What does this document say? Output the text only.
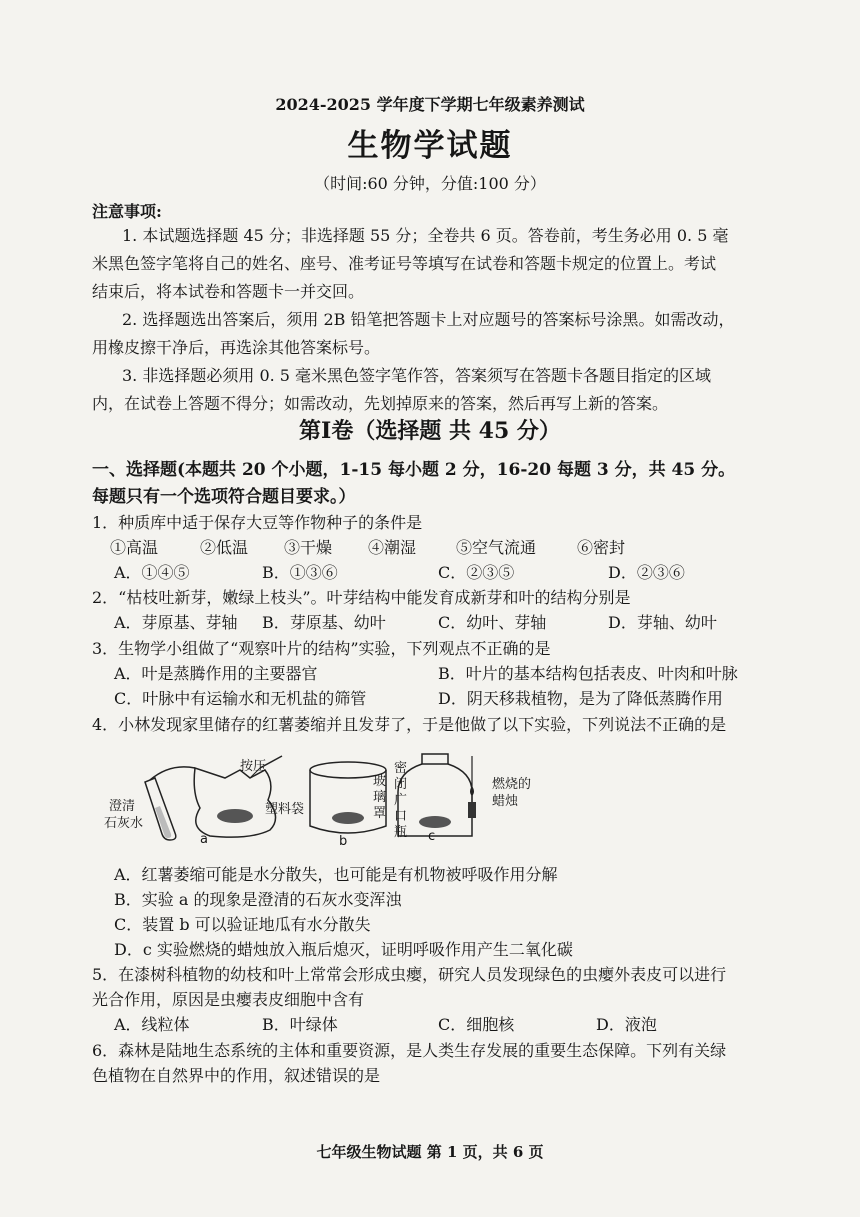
2024-2025 学年度下学期七年级素养测试
生物学试题
（时间:60 分钟，分值:100 分）
注意事项:
1. 本试题选择题 45 分；非选择题 55 分；全卷共 6 页。答卷前，考生务必用 0. 5 毫
米黑色签字笔将自己的姓名、座号、准考证号等填写在试卷和答题卡规定的位置上。考试
结束后，将本试卷和答题卡一并交回。
2. 选择题选出答案后，须用 2B 铅笔把答题卡上对应题号的答案标号涂黑。如需改动，
用橡皮擦干净后，再选涂其他答案标号。
3. 非选择题必须用 0. 5 毫米黑色签字笔作答，答案须写在答题卡各题目指定的区域
内，在试卷上答题不得分；如需改动，先划掉原来的答案，然后再写上新的答案。
第Ⅰ卷（选择题 共 45 分）
一、选择题(本题共 20 个小题，1-15 每小题 2 分，16-20 每题 3 分，共 45 分。
每题只有一个选项符合题目要求。）
1．种质库中适于保存大豆等作物种子的条件是
①高温	②低温 ③干燥 ④潮湿 ⑤空气流通	⑥密封
A．①④⑤	B．①③⑥	C．②③⑤	D．②③⑥
2．“枯枝吐新芽，嫩绿上枝头”。叶芽结构中能发育成新芽和叶的结构分别是
A．芽原基、芽轴 B．芽原基、幼叶	C．幼叶、芽轴	D．芽轴、幼叶
3．生物学小组做了“观察叶片的结构”实验，下列观点不正确的是
A．叶是蒸腾作用的主要器官	B．叶片的基本结构包括表皮、叶肉和叶脉
C．叶脉中有运输水和无机盐的筛管	D．阴天移栽植物，是为了降低蒸腾作用
4．小林发现家里储存的红薯萎缩并且发芽了，于是他做了以下实验，下列说法不正确的是
按压
澄清
石灰水
塑料袋
玻
璃
罩
密
闭
广
口
瓶
燃烧的
蜡烛
a	b	c
A．红薯萎缩可能是水分散失，也可能是有机物被呼吸作用分解
B．实验 a 的现象是澄清的石灰水变浑浊
C．装置 b 可以验证地瓜有水分散失
D．c 实验燃烧的蜡烛放入瓶后熄灭，证明呼吸作用产生二氧化碳
5．在漆树科植物的幼枝和叶上常常会形成虫瘿，研究人员发现绿色的虫瘿外表皮可以进行
光合作用，原因是虫瘿表皮细胞中含有
A．线粒体	B．叶绿体	C．细胞核	D．液泡
6．森林是陆地生态系统的主体和重要资源，是人类生存发展的重要生态保障。下列有关绿
色植物在自然界中的作用，叙述错误的是
七年级生物试题 第 1 页，共 6 页
